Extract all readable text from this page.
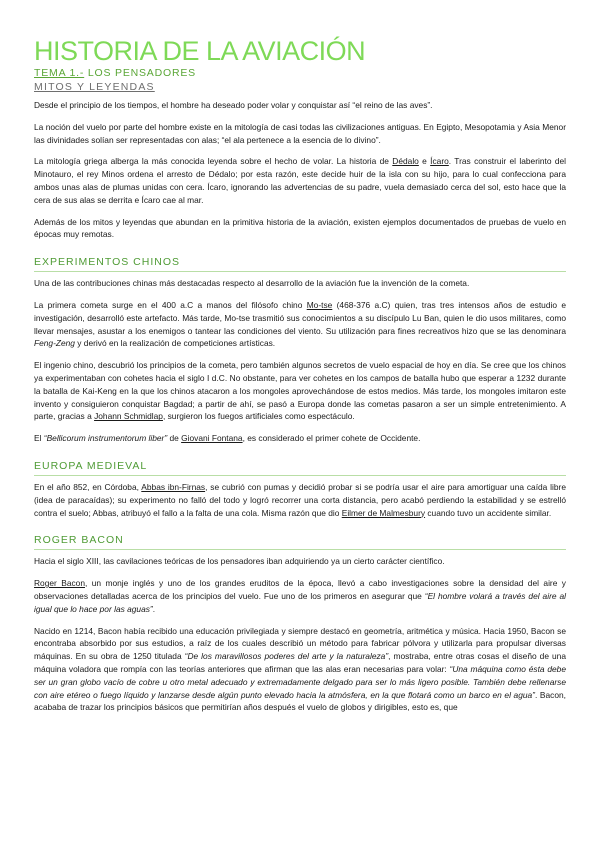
HISTORIA DE LA AVIACIÓN
TEMA 1.- LOS PENSADORES
MITOS Y LEYENDAS

Desde el principio de los tiempos, el hombre ha deseado poder volar y conquistar así “el reino de las aves”.

La noción del vuelo por parte del hombre existe en la mitología de casi todas las civilizaciones antiguas. En Egipto, Mesopotamia y Asia Menor las divinidades solían ser representadas con alas; “el ala pertenece a la esencia de lo divino”.

La mitología griega alberga la más conocida leyenda sobre el hecho de volar. La historia de Dédalo e Ícaro. Tras construir el laberinto del Minotauro, el rey Minos ordena el arresto de Dédalo; por esta razón, este decide huir de la isla con su hijo, para lo cual confecciona para ambos unas alas de plumas unidas con cera. Ícaro, ignorando las advertencias de su padre, vuela demasiado cerca del sol, esto hace que la cera de sus alas se derrita e Ícaro cae al mar.

Además de los mitos y leyendas que abundan en la primitiva historia de la aviación, existen ejemplos documentados de pruebas de vuelo en épocas muy remotas.

EXPERIMENTOS CHINOS

Una de las contribuciones chinas más destacadas respecto al desarrollo de la aviación fue la invención de la cometa.

La primera cometa surge en el 400 a.C a manos del filósofo chino Mo-tse (468-376 a.C) quien, tras tres intensos años de estudio e investigación, desarrolló este artefacto. Más tarde, Mo-tse trasmitió sus conocimientos a su discípulo Lu Ban, quien le dio usos militares, como llevar mensajes, asustar a los enemigos o tantear las condiciones del viento. Su utilización para fines recreativos hizo que se las denominara Feng-Zeng y derivó en la realización de competiciones artísticas.

El ingenio chino, descubrió los principios de la cometa, pero también algunos secretos de vuelo espacial de hoy en día. Se cree que los chinos ya experimentaban con cohetes hacia el siglo I d.C. No obstante, para ver cohetes en los campos de batalla hubo que esperar a 1232 durante la batalla de Kai-Keng en la que los chinos atacaron a los mongoles aprovechándose de estos medios. Más tarde, los mongoles imitaron este invento y consiguieron conquistar Bagdad; a partir de ahí, se pasó a Europa donde las cometas pasaron a ser un simple entretenimiento. A parte, gracias a Johann Schmidlap, surgieron los fuegos artificiales como espectáculo.

El “Bellicorum instrumentorum liber” de Giovani Fontana, es considerado el primer cohete de Occidente.

EUROPA MEDIEVAL

En el año 852, en Córdoba, Abbas ibn-Firnas, se cubrió con pumas y decidió probar si se podría usar el aire para amortiguar una caída libre (idea de paracaídas); su experimento no falló del todo y logró recorrer una corta distancia, pero acabó perdiendo la estabilidad y se estrelló contra el suelo; Abbas, atribuyó el fallo a la falta de una cola. Misma razón que dio Eilmer de Malmesbury cuando tuvo un accidente similar.

ROGER BACON

Hacia el siglo XIII, las cavilaciones teóricas de los pensadores iban adquiriendo ya un cierto carácter científico.

Roger Bacon, un monje inglés y uno de los grandes eruditos de la época, llevó a cabo investigaciones sobre la densidad del aire y observaciones detalladas acerca de los principios del vuelo. Fue uno de los primeros en asegurar que “El hombre volará a través del aire al igual que lo hace por las aguas”.

Nacido en 1214, Bacon había recibido una educación privilegiada y siempre destacó en geometría, aritmética y música. Hacia 1950, Bacon se encontraba absorbido por sus estudios, a raíz de los cuales describió un método para fabricar pólvora y utilizarla para propulsar diversas máquinas. En su obra de 1250 titulada “De los maravillosos poderes del arte y la naturaleza”, mostraba, entre otras cosas el diseño de una máquina voladora que rompía con las teorías anteriores que afirman que las alas eran necesarias para volar: “Una máquina como ésta debe ser un gran globo vacío de cobre u otro metal adecuado y extremadamente delgado para ser lo más ligero posible. También debe rellenarse con aire etéreo o fuego líquido y lanzarse desde algún punto elevado hacia la atmósfera, en la que flotará como un barco en el agua”. Bacon, acababa de trazar los principios básicos que permitirían años después el vuelo de globos y dirigibles, esto es, que
